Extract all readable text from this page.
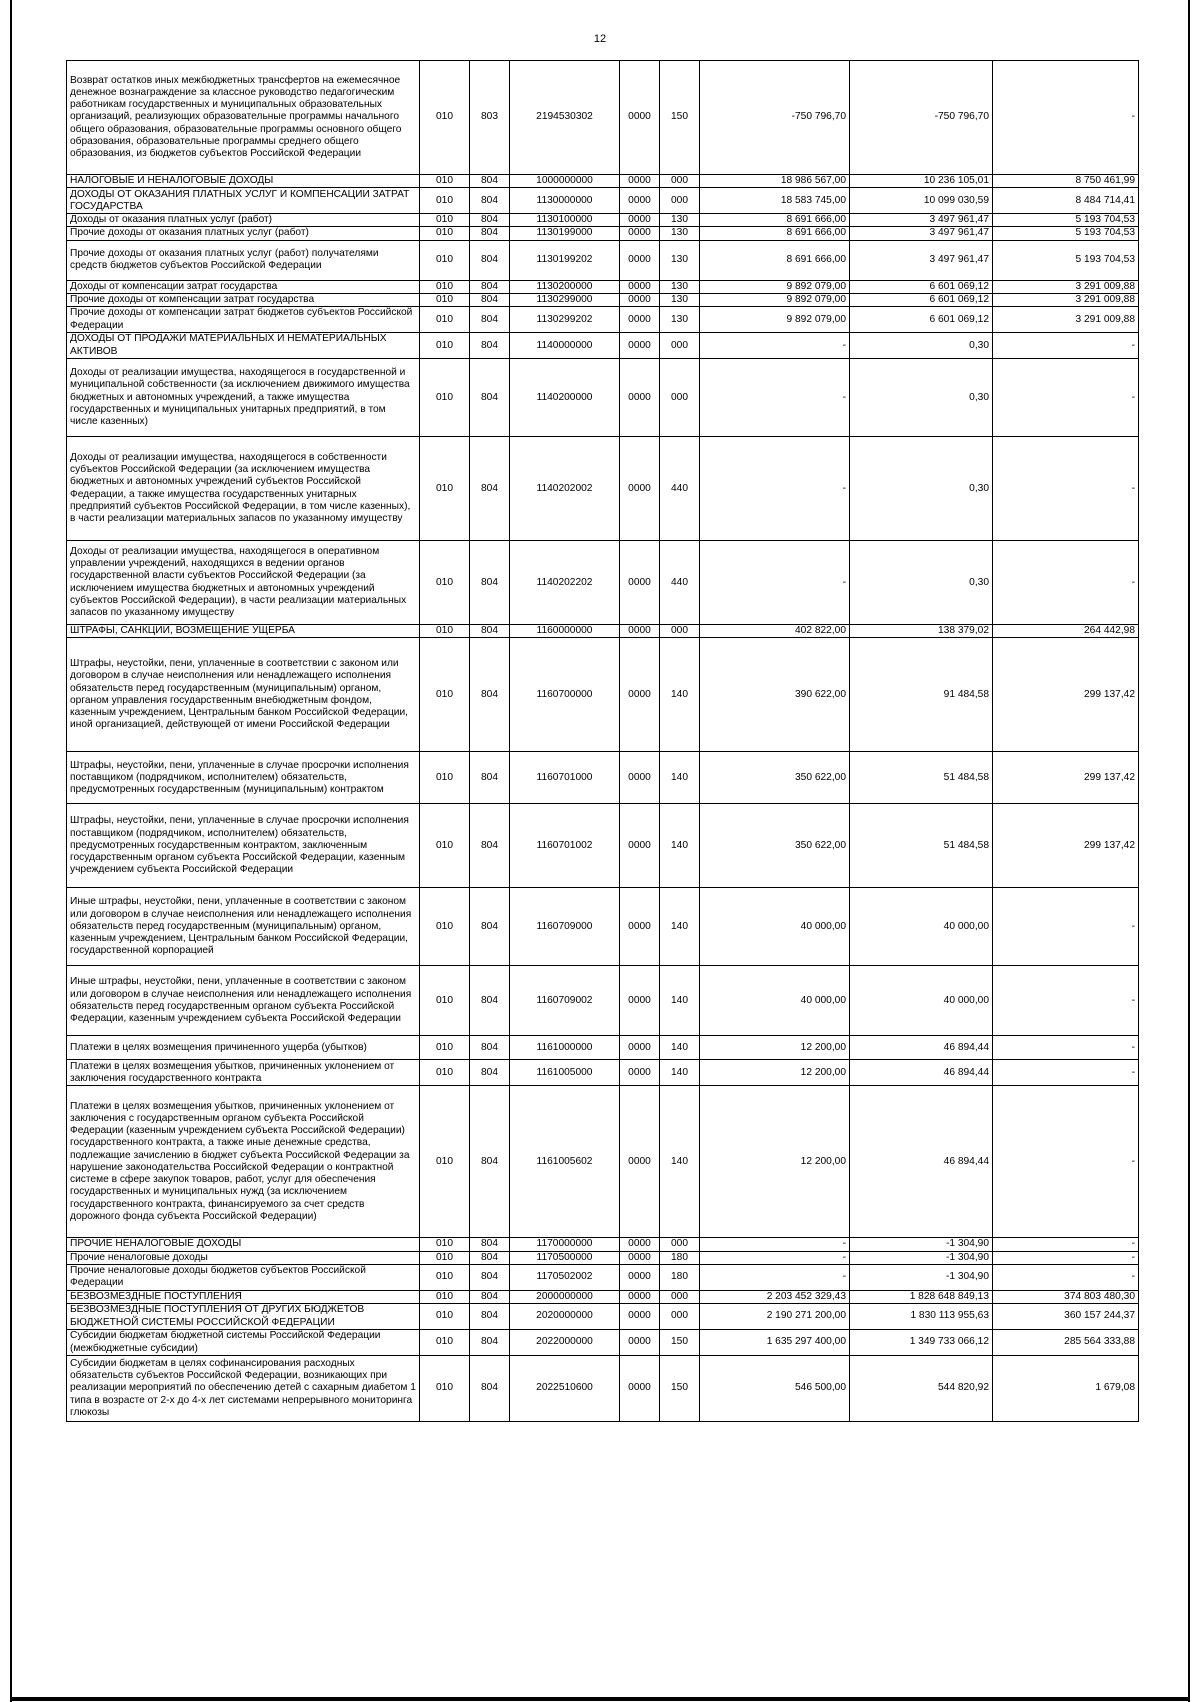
12
Возврат остатков иных межбюджетных трансфертов на ежемесячное денежное вознаграждение за классное руководство педагогическим работникам государственных и муниципальных образовательных организаций, реализующих образовательные программы начального общего образования, образовательные программы основного общего образования, образовательные программы среднего общего образования, из бюджетов субъектов Российской Федерации	010	803	2194530302	0000	150	-750 796,70	-750 796,70	-
НАЛОГОВЫЕ И НЕНАЛОГОВЫЕ ДОХОДЫ	010	804	1000000000	0000	000	18 986 567,00	10 236 105,01	8 750 461,99
ДОХОДЫ ОТ ОКАЗАНИЯ ПЛАТНЫХ УСЛУГ И КОМПЕНСАЦИИ ЗАТРАТ ГОСУДАРСТВА	010	804	1130000000	0000	000	18 583 745,00	10 099 030,59	8 484 714,41
Доходы от оказания платных услуг (работ)	010	804	1130100000	0000	130	8 691 666,00	3 497 961,47	5 193 704,53
Прочие доходы от оказания платных услуг (работ)	010	804	1130199000	0000	130	8 691 666,00	3 497 961,47	5 193 704,53
Прочие доходы от оказания платных услуг (работ) получателями средств бюджетов субъектов Российской Федерации	010	804	1130199202	0000	130	8 691 666,00	3 497 961,47	5 193 704,53
Доходы от компенсации затрат государства	010	804	1130200000	0000	130	9 892 079,00	6 601 069,12	3 291 009,88
Прочие доходы от компенсации затрат государства	010	804	1130299000	0000	130	9 892 079,00	6 601 069,12	3 291 009,88
Прочие доходы от компенсации затрат бюджетов субъектов Российской Федерации	010	804	1130299202	0000	130	9 892 079,00	6 601 069,12	3 291 009,88
ДОХОДЫ ОТ ПРОДАЖИ МАТЕРИАЛЬНЫХ И НЕМАТЕРИАЛЬНЫХ АКТИВОВ	010	804	1140000000	0000	000	-	0,30	-
Доходы от реализации имущества, находящегося в государственной и муниципальной собственности (за исключением движимого имущества бюджетных и автономных учреждений, а также имущества государственных и муниципальных унитарных предприятий, в том числе казенных)	010	804	1140200000	0000	000	-	0,30	-
Доходы от реализации имущества, находящегося в собственности субъектов Российской Федерации (за исключением имущества бюджетных и автономных учреждений субъектов Российской Федерации, а также имущества государственных унитарных предприятий субъектов Российской Федерации, в том числе казенных), в части реализации материальных запасов по указанному имуществу	010	804	1140202002	0000	440	-	0,30	-
Доходы от реализации имущества, находящегося в оперативном управлении учреждений, находящихся в ведении органов государственной власти субъектов Российской Федерации (за исключением имущества бюджетных и автономных учреждений субъектов Российской Федерации), в части реализации материальных запасов по указанному имуществу	010	804	1140202202	0000	440	-	0,30	-
ШТРАФЫ, САНКЦИИ, ВОЗМЕЩЕНИЕ УЩЕРБА	010	804	1160000000	0000	000	402 822,00	138 379,02	264 442,98
Штрафы, неустойки, пени, уплаченные в соответствии с законом или договором в случае неисполнения или ненадлежащего исполнения обязательств перед государственным (муниципальным) органом, органом управления государственным внебюджетным фондом, казенным учреждением, Центральным банком Российской Федерации, иной организацией, действующей от имени Российской Федерации	010	804	1160700000	0000	140	390 622,00	91 484,58	299 137,42
Штрафы, неустойки, пени, уплаченные в случае просрочки исполнения поставщиком (подрядчиком, исполнителем) обязательств, предусмотренных государственным (муниципальным) контрактом	010	804	1160701000	0000	140	350 622,00	51 484,58	299 137,42
Штрафы, неустойки, пени, уплаченные в случае просрочки исполнения поставщиком (подрядчиком, исполнителем) обязательств, предусмотренных государственным контрактом, заключенным государственным органом субъекта Российской Федерации, казенным учреждением субъекта Российской Федерации	010	804	1160701002	0000	140	350 622,00	51 484,58	299 137,42
Иные штрафы, неустойки, пени, уплаченные в соответствии с законом или договором в случае неисполнения или ненадлежащего исполнения обязательств перед государственным (муниципальным) органом, казенным учреждением, Центральным банком Российской Федерации, государственной корпорацией	010	804	1160709000	0000	140	40 000,00	40 000,00	-
Иные штрафы, неустойки, пени, уплаченные в соответствии с законом или договором в случае неисполнения или ненадлежащего исполнения обязательств перед государственным органом субъекта Российской Федерации, казенным учреждением субъекта Российской Федерации	010	804	1160709002	0000	140	40 000,00	40 000,00	-
Платежи в целях возмещения причиненного ущерба (убытков)	010	804	1161000000	0000	140	12 200,00	46 894,44	-
Платежи в целях возмещения убытков, причиненных уклонением от заключения государственного контракта	010	804	1161005000	0000	140	12 200,00	46 894,44	-
Платежи в целях возмещения убытков, причиненных уклонением от заключения с государственным органом субъекта Российской Федерации (казенным учреждением субъекта Российской Федерации) государственного контракта, а также иные денежные средства, подлежащие зачислению в бюджет субъекта Российской Федерации за нарушение законодательства Российской Федерации о контрактной системе в сфере закупок товаров, работ, услуг для обеспечения государственных и муниципальных нужд (за исключением государственного контракта, финансируемого за счет средств дорожного фонда субъекта Российской Федерации)	010	804	1161005602	0000	140	12 200,00	46 894,44	-
ПРОЧИЕ НЕНАЛОГОВЫЕ ДОХОДЫ	010	804	1170000000	0000	000	-	-1 304,90	-
Прочие неналоговые доходы	010	804	1170500000	0000	180	-	-1 304,90	-
Прочие неналоговые доходы бюджетов субъектов Российской Федерации	010	804	1170502002	0000	180	-	-1 304,90	-
БЕЗВОЗМЕЗДНЫЕ ПОСТУПЛЕНИЯ	010	804	2000000000	0000	000	2 203 452 329,43	1 828 648 849,13	374 803 480,30
БЕЗВОЗМЕЗДНЫЕ ПОСТУПЛЕНИЯ ОТ ДРУГИХ БЮДЖЕТОВ БЮДЖЕТНОЙ СИСТЕМЫ РОССИЙСКОЙ ФЕДЕРАЦИИ	010	804	2020000000	0000	000	2 190 271 200,00	1 830 113 955,63	360 157 244,37
Субсидии бюджетам бюджетной системы Российской Федерации (межбюджетные субсидии)	010	804	2022000000	0000	150	1 635 297 400,00	1 349 733 066,12	285 564 333,88
Субсидии бюджетам в целях софинансирования расходных обязательств субъектов Российской Федерации, возникающих при реализации мероприятий по обеспечению детей с сахарным диабетом 1 типа в возрасте от 2-х до 4-х лет системами непрерывного мониторинга глюкозы	010	804	2022510600	0000	150	546 500,00	544 820,92	1 679,08
